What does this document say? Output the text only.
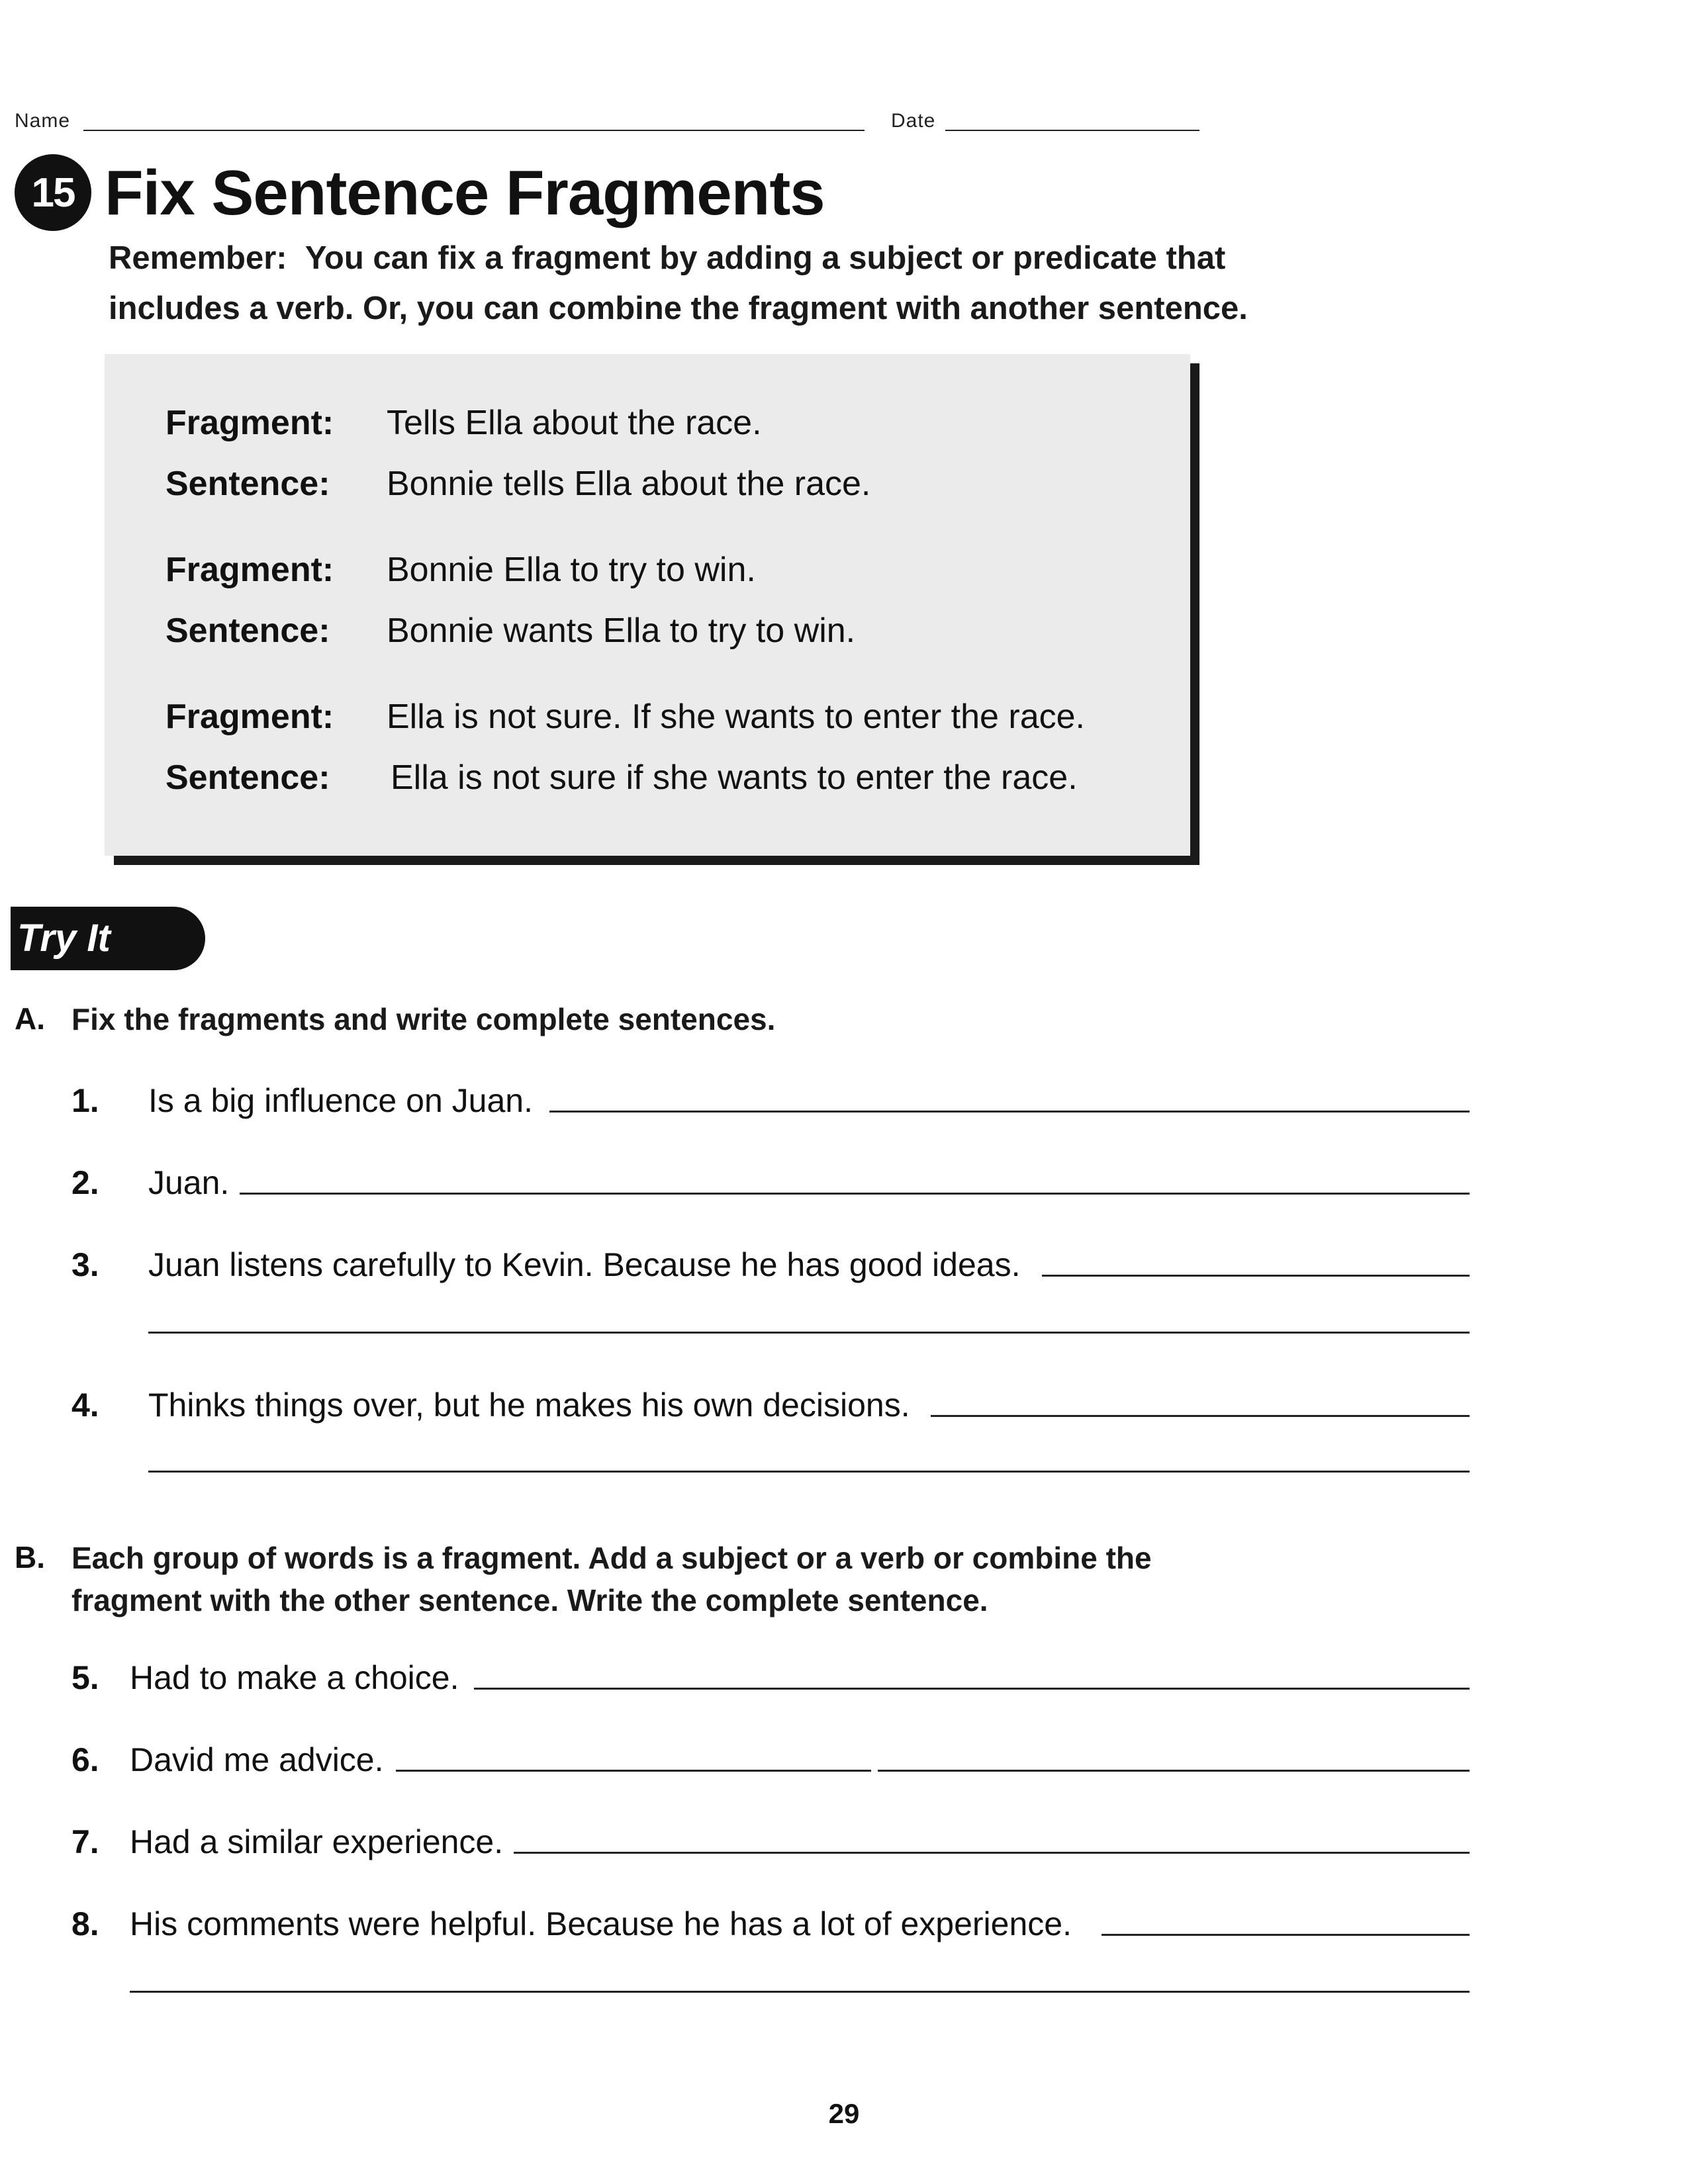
Name	Date
15 Fix Sentence Fragments
Remember: You can fix a fragment by adding a subject or predicate that
includes a verb. Or, you can combine the fragment with another sentence.
Fragment: Tells Ella about the race.
Sentence: Bonnie tells Ella about the race.
Fragment: Bonnie Ella to try to win.
Sentence: Bonnie wants Ella to try to win.
Fragment: Ella is not sure. If she wants to enter the race.
Sentence: Ella is not sure if she wants to enter the race.
Try It
A. Fix the fragments and write complete sentences.
1. Is a big influence on Juan.
2. Juan.
3. Juan listens carefully to Kevin. Because he has good ideas.
4. Thinks things over, but he makes his own decisions.
B. Each group of words is a fragment. Add a subject or a verb or combine the
fragment with the other sentence. Write the complete sentence.
5. Had to make a choice.
6. David me advice.
7. Had a similar experience.
8. His comments were helpful. Because he has a lot of experience.
29
